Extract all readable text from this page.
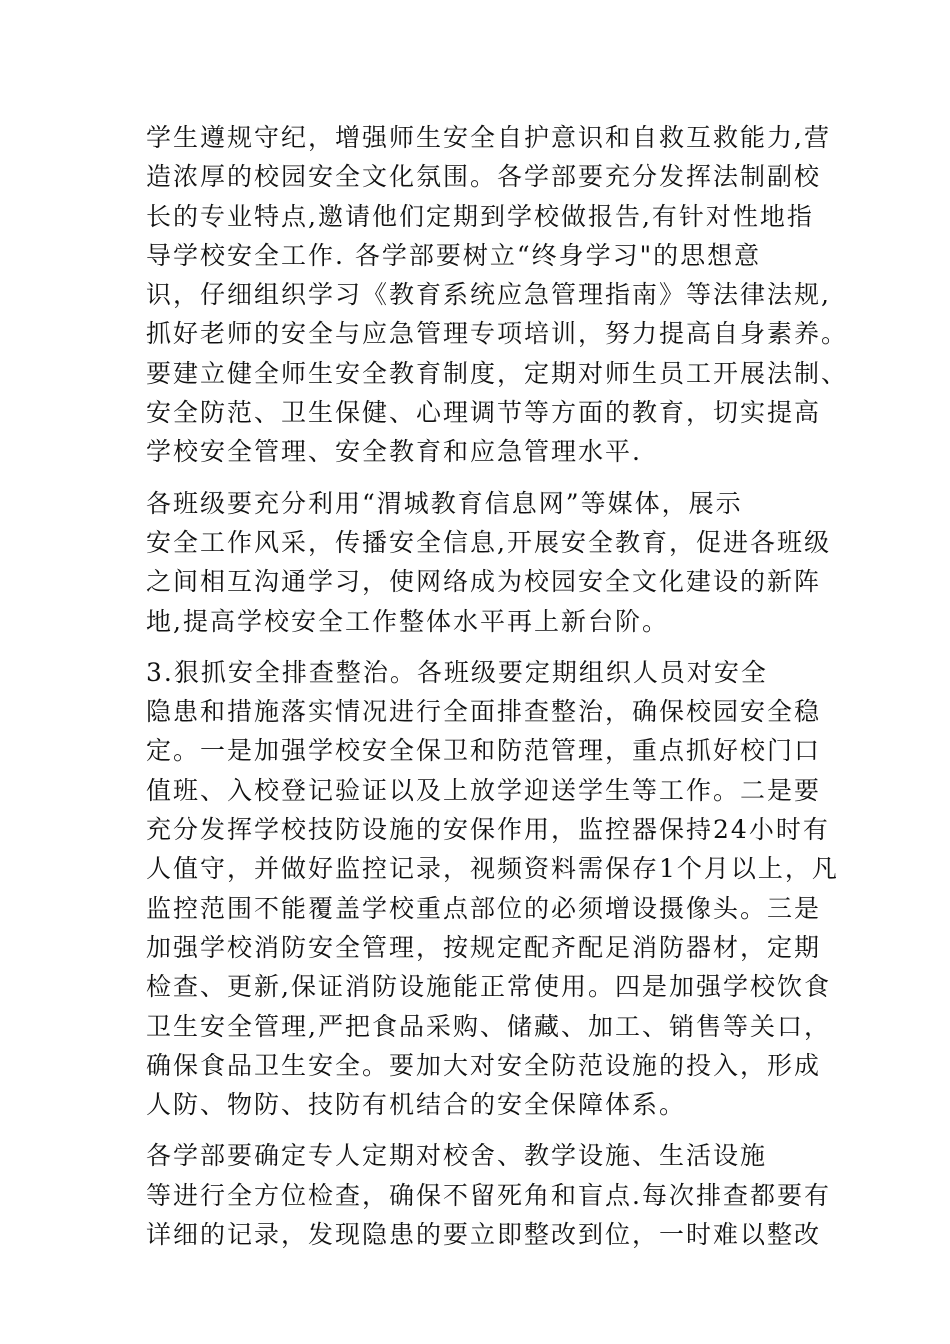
学生遵规守纪，增强师生安全自护意识和自救互救能力,营
造浓厚的校园安全文化氛围。各学部要充分发挥法制副校
长的专业特点,邀请他们定期到学校做报告,有针对性地指
导学校安全工作. 各学部要树立“终身学习"的思想意
识，仔细组织学习《教育系统应急管理指南》等法律法规,
抓好老师的安全与应急管理专项培训，努力提高自身素养。
要建立健全师生安全教育制度，定期对师生员工开展法制、
安全防范、卫生保健、心理调节等方面的教育，切实提高
学校安全管理、安全教育和应急管理水平.
各班级要充分利用“渭城教育信息网”等媒体，展示
安全工作风采，传播安全信息,开展安全教育，促进各班级
之间相互沟通学习，使网络成为校园安全文化建设的新阵
地,提高学校安全工作整体水平再上新台阶。
3.狠抓安全排查整治。各班级要定期组织人员对安全
隐患和措施落实情况进行全面排查整治，确保校园安全稳
定。一是加强学校安全保卫和防范管理，重点抓好校门口
值班、入校登记验证以及上放学迎送学生等工作。二是要
充分发挥学校技防设施的安保作用，监控器保持24小时有
人值守，并做好监控记录，视频资料需保存1个月以上，凡
监控范围不能覆盖学校重点部位的必须增设摄像头。三是
加强学校消防安全管理，按规定配齐配足消防器材，定期
检查、更新,保证消防设施能正常使用。四是加强学校饮食
卫生安全管理,严把食品采购、储藏、加工、销售等关口，
确保食品卫生安全。要加大对安全防范设施的投入，形成
人防、物防、技防有机结合的安全保障体系。
各学部要确定专人定期对校舍、教学设施、生活设施
等进行全方位检查，确保不留死角和盲点.每次排查都要有
详细的记录，发现隐患的要立即整改到位，一时难以整改
